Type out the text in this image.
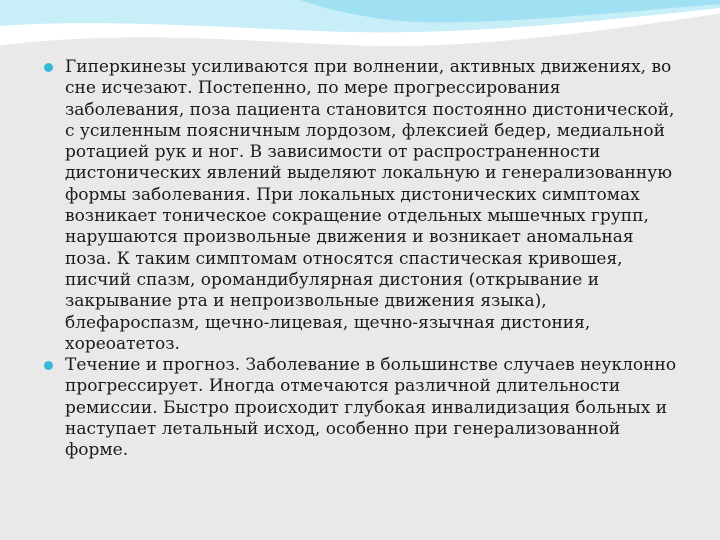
Гиперкинезы усиливаются при волнении, активных движениях, во сне исчезают. Постепенно, по мере прогрессирования заболевания, поза пациента становится постоянно дистонической, с усиленным поясничным лордозом, флексией бедер, медиальной ротацией рук и ног. В зависимости от распространенности дистонических явлений выделяют локальную и генерализованную формы заболевания. При локальных дистонических симптомах возникает тоническое сокращение отдельных мышечных групп, нарушаются произвольные движения и возникает аномальная поза. К таким симптомам относятся спастическая кривошея, писчий спазм, оромандибулярная дистония (открывание и закрывание рта и непроизвольные движения языка), блефароспазм, щечно-лицевая, щечно-язычная дистония, хореоатетоз.
Течение и прогноз. Заболевание в большинстве случаев неуклонно прогрессирует. Иногда отмечаются различной длительности ремиссии. Быстро происходит глубокая инвалидизация больных и наступает летальный исход, особенно при генерализованной форме.
